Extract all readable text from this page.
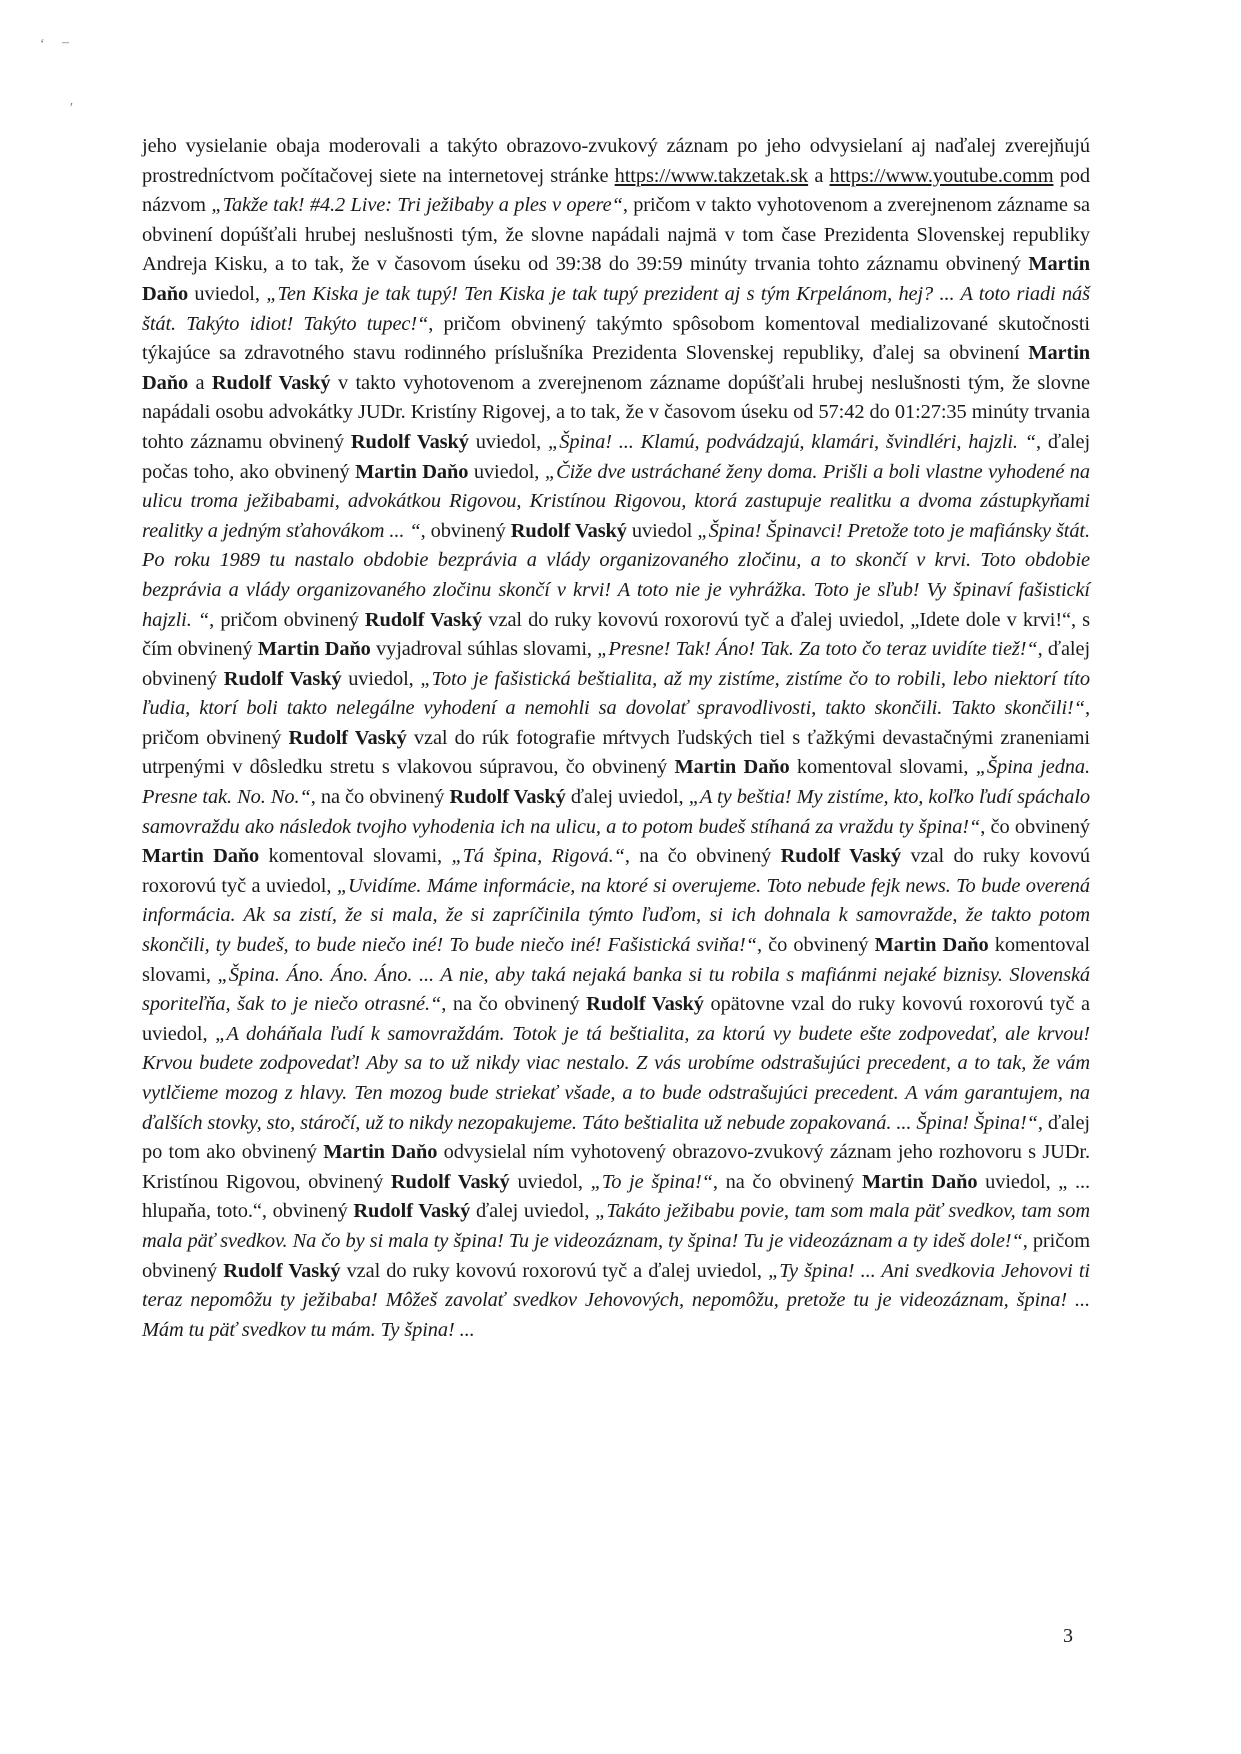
‘ –
′

jeho vysielanie obaja moderovali a takýto obrazovo-zvukový záznam po jeho odvysielaní aj naďalej zverejňujú prostredníctvom počítačovej siete na internetovej stránke https://www.takzetak.sk a https://www.youtube.comm pod názvom „Takže tak! #4.2 Live: Tri ježibaby a ples v opere“, pričom v takto vyhotovenom a zverejnenom zázname sa obvinení dopúšťali hrubej neslušnosti tým, že slovne napádali najmä v tom čase Prezidenta Slovenskej republiky Andreja Kisku, a to tak, že v časovom úseku od 39:38 do 39:59 minúty trvania tohto záznamu obvinený Martin Daňo uviedol, „Ten Kiska je tak tupý! Ten Kiska je tak tupý prezident aj s tým Krpelánom, hej? ... A toto riadi náš štát. Takýto idiot! Takýto tupec!“, pričom obvinený takýmto spôsobom komentoval medializované skutočnosti týkajúce sa zdravotného stavu rodinného príslušníka Prezidenta Slovenskej republiky, ďalej sa obvinení Martin Daňo a Rudolf Vaský v takto vyhotovenom a zverejnenom zázname dopúšťali hrubej neslušnosti tým, že slovne napádali osobu advokátky JUDr. Kristíny Rigovej, a to tak, že v časovom úseku od 57:42 do 01:27:35 minúty trvania tohto záznamu obvinený Rudolf Vaský uviedol, „Špina! ... Klamú, podvádzajú, klamári, švindléri, hajzli. “, ďalej počas toho, ako obvinený Martin Daňo uviedol, „Čiže dve ustráchané ženy doma. Prišli a boli vlastne vyhodené na ulicu troma ježibabami, advokátkou Rigovou, Kristínou Rigovou, ktorá zastupuje realitku a dvoma zástupkyňami realitky a jedným sťahovákom ... “, obvinený Rudolf Vaský uviedol „Špina! Špinavci! Pretože toto je mafiánsky štát. Po roku 1989 tu nastalo obdobie bezprávia a vlády organizovaného zločinu, a to skončí v krvi. Toto obdobie bezprávia a vlády organizovaného zločinu skončí v krvi! A toto nie je vyhrážka. Toto je sľub! Vy špinaví fašistickí hajzli. “, pričom obvinený Rudolf Vaský vzal do ruky kovovú roxorovú tyč a ďalej uviedol, „Idete dole v krvi!“, s čím obvinený Martin Daňo vyjadroval súhlas slovami, „Presne! Tak! Áno! Tak. Za toto čo teraz uvidíte tiež!“, ďalej obvinený Rudolf Vaský uviedol, „Toto je fašistická beštialita, až my zistíme, zistíme čo to robili, lebo niektorí títo ľudia, ktorí boli takto nelegálne vyhodení a nemohli sa dovolať spravodlivosti, takto skončili. Takto skončili!“, pričom obvinený Rudolf Vaský vzal do rúk fotografie mŕtvych ľudských tiel s ťažkými devastačnými zraneniami utrpenými v dôsledku stretu s vlakovou súpravou, čo obvinený Martin Daňo komentoval slovami, „Špina jedna. Presne tak. No. No.“, na čo obvinený Rudolf Vaský ďalej uviedol, „A ty beštia! My zistíme, kto, koľko ľudí spáchalo samovraždu ako následok tvojho vyhodenia ich na ulicu, a to potom budeš stíhaná za vraždu ty špina!“, čo obvinený Martin Daňo komentoval slovami, „Tá špina, Rigová.“, na čo obvinený Rudolf Vaský vzal do ruky kovovú roxorovú tyč a uviedol, „Uvidíme. Máme informácie, na ktoré si overujeme. Toto nebude fejk news. To bude overená informácia. Ak sa zistí, že si mala, že si zapríčinila týmto ľuďom, si ich dohnala k samovražde, že takto potom skončili, ty budeš, to bude niečo iné! To bude niečo iné! Fašistická sviňa!“, čo obvinený Martin Daňo komentoval slovami, „Špina. Áno. Áno. Áno. ... A nie, aby taká nejaká banka si tu robila s mafiánmi nejaké biznisy. Slovenská sporiteľňa, šak to je niečo otrasné.“, na čo obvinený Rudolf Vaský opätovne vzal do ruky kovovú roxorovú tyč a uviedol, „A doháňala ľudí k samovraždám. Totok je tá beštialita, za ktorú vy budete ešte zodpovedať, ale krvou! Krvou budete zodpovedať! Aby sa to už nikdy viac nestalo. Z vás urobíme odstrašujúci precedent, a to tak, že vám vytlčieme mozog z hlavy. Ten mozog bude striekať všade, a to bude odstrašujúci precedent. A vám garantujem, na ďalších stovky, sto, stáročí, už to nikdy nezopakujeme. Táto beštialita už nebude zopakovaná. ... Špina! Špina!“, ďalej po tom ako obvinený Martin Daňo odvysielal ním vyhotovený obrazovo-zvukový záznam jeho rozhovoru s JUDr. Kristínou Rigovou, obvinený Rudolf Vaský uviedol, „To je špina!“, na čo obvinený Martin Daňo uviedol, „ ... hlupaňa, toto.“, obvinený Rudolf Vaský ďalej uviedol, „Takáto ježibabu povie, tam som mala päť svedkov, tam som mala päť svedkov. Na čo by si mala ty špina! Tu je videozáznam, ty špina! Tu je videozáznam a ty ideš dole!“, pričom obvinený Rudolf Vaský vzal do ruky kovovú roxorovú tyč a ďalej uviedol, „Ty špina! ... Ani svedkovia Jehovovi ti teraz nepomôžu ty ježibaba! Môžeš zavolať svedkov Jehovových, nepomôžu, pretože tu je videozáznam, špina! ... Mám tu päť svedkov tu mám. Ty špina! ...

3
